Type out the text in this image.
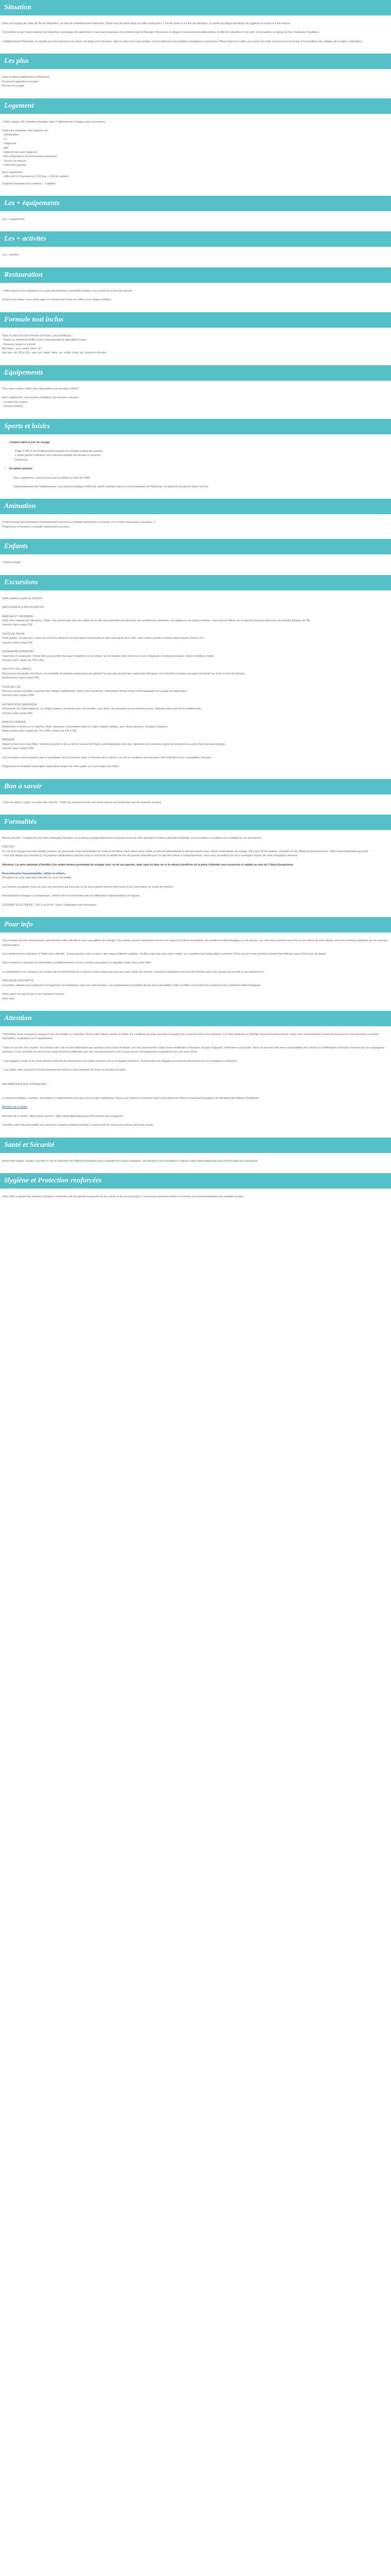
Situation

Situé sur la plage de sable de l'île de Zakynthos, au sein de l'établissement Palmeraie, l'hôtel vous accueille dans un cadre verdoyant à 7 km de Zante et à 5 km de l'aéroport. Le centre du village touristique de Laganas se trouve à 1 km environ.

À proximité, le parc marin national de Zakynthos, ses plages de sable blanc et ses eaux turquoise, et la célèbre baie de Navagio. Découvrez le village et ses tavernes traditionnelles, la ville de Zakynthos et son port, le monastère, la falaise de Keri, Kalamaki, Vassilikos.

L'établissement Palmeraie, un paradis pour les amoureux de nature, de plage et de farniente, dans un décor de carte postale. Un lieu idéal pour une ballade romantique en amoureux. Flânez dans les ruelles au coucher du soleil, découvrez la vie locale et les traditions des villages de la région, Zakynthos.

Les plus

Dans le même établissement Palmeraie

Personnel agréable et souriant

Proche de la plage

Logement

L'hôtel compte 190 chambres réparties dans 2 bâtiments de 3 étages avec ascenseurs.

Toutes les chambres sont équipées de :

- Climatisation
- TV
- Téléphone
- Wifi
- Salle de bain avec baignoire
- Mini réfrigérateur (consommations payantes)
- Service en boisson
- Coffre-fort (payant)
Avec supplément :
- coffre-fort (3 €/semaine ou 0,5€ /jour + 10€ de caution)

Capacité maximale des chambres : 3 adultes

Les + équipements

Les + équipements

Les + activités

Les + activités

Restauration

L'hôtel dispose d'un restaurant à la carte international et spécialités locales, d'un snack-bar et d'un bar piscine.

Durant votre séjour, vous serez logés en formule tout inclus (se référer à la rubrique dédiée).

Formule tout inclus

Dans le cadre de votre formule tout inclus, vous bénéficiez :

- Repas au restaurant buffet cuisine internationale et spécialités locales

- Boissons locales à volonté :

Bar repas : eau, sodas, bière, vin

Aux bars, de 10h à 23h : eau, jus, sodas, bière, vin, vodka, rhum, gin, boissons chaudes

Equipements

Pour votre confort, l'hôtel met à disposition une réception 24h/24.

Avec supplément, vous pourrez bénéficier des services suivants :

- Location de voitures

- Service médical

Sports et loisirs
• Compris dans le prix du voyage

- Plage à 250 m de l'établissement équipée de transats et parasols payants

- 1 petite piscine extérieure avec terrasse équipée de transats et parasols

- Ping-pong

• En option payante

Avec supplément, vous pourrez jouer au billard au sein de l'hôtel.

Indépendamment de l'établissement, vous pourrez pratiquer différents sports nautiques dans le centre balnéaire de Palmeraie. Un parcours de golf se trouve à 6 km.

Animation

L'hôtel propose des animations internationales réservés aux adultes ponctuelles en journée et en soirée (spectacles, karaokés...).

Programme et horaires à consulter directement sur place.

Enfants

- Bassin adapté

Excursions

Tarifs estimés à partir de 15/10/24

DÉCOUVERTE & DÉCOUVERTES

MARCHÉ ET CROISIÈRE

Visite de la capitale de Zakynthos, Zante. Une promenade dans les ruelles de la ville vous permettra de découvrir son architecture vénitienne, ses églises et ses places animées. Vous pourrez flâner sur le marché local pour découvrir les produits typiques de l'île.

Journée (sans repas) 25€

VISITE DE PALMA

Visite guidée. Un parcours à pied qui vous fera découvrir les principaux monuments et sites historiques de la ville, entre ruelles étroites et places pittoresques. Environ 3 h.

Journée (sans repas) 35€

CATAMARAN ROBINSON

Traversée en catamaran. Temps libre pour profiter des eaux cristallines ou se relaxer. En fin d'après-midi, retour sur le port. Baignade et boissons incluses. Selon conditions météo.

Journée (avec repas) de 79€ à 93€

GROTTES DEL DRACH

Découverte des grottes del Drach, un ensemble de galeries souterraines qui abritent l'un des plus grands lacs souterrains d'Europe. Un concert de musique classique est donné sur le lac à bord de barques.

Demi-journée (sans repas) 49€

TOUR DE L'ÎLE

Parcours en bus climatisé, traversée des villages traditionnels, visites d'un monastère, dégustation d'huile d'olive. Arrêt baignade sur la plage de sable blanc.

Journée (avec repas) 105€

AUTHENTIQUE MAJORQUE

Découverte de l'authentique île. Un village typique, une ferme avec ses moulins, ses olives, ses amandes et ses produits locaux. Déjeuner dans une ferme traditionnelle.

Journée (avec repas) 85€

RANCHO GRANDE

Randonnée à cheval ou en calèche. Dîner spectacle et animations dans un cadre rustique typique, avec show équestre, musique et danses.

Demi-journée (avec repas) de 72€ à 86€, enfants de 47€ à 56€

MAGIQUE

Départ en bus vers Cala Millor. Visite de la grotte et de la cité de Cuevas del Drach, puis dégustation des vins. Spectacle de la dernière partie du programme au sein d'une demeure typique.

Journée (avec repas) 114€

Les excursions sont proposées par un prestataire local et peuvent varier en fonction de la saison. Les prix et conditions sont donnés à titre indicatif et sont susceptibles d'évoluer.

Programme et modalités d'inscription disponibles auprès de votre guide ou à la réception de l'hôtel.

Bon à savoir

- Taxe de séjour à régler sur place dès l'arrivée : 3,50€ par personne et par nuit (sous réserve de modification par les autorités locales)

Formalités

Bonne nouvelle : Compte tenu de votre nationalité française, vous pouvez voyager librement en Europe munis de votre passeport (Cartes nationales d'identité, sont acceptées à condition de la validité de ces documents).

À NOTER :

En cas d'un voyage avec des enfants mineurs, en possession d'une autorisation de sortie du territoire. Vous devez vous rendre au tribunal administratif en tant que parent pour obtenir l'autorisation de voyage. Pour plus d'informations, consultez le site officiel du gouvernement : https://www.diplomatie.gouv.fr/fr/

- Pour tout départ d'un aéroport (1 ou plusieurs destinations) assurez-vous en amont de la validité de vos documents d'identité pour ne pas être refusé à l'embarquement, nous vous conseillons de vous renseigner auprès de votre compagnie aérienne.

Attention. La carte nationale d'identité d'un enfant mineur permettant de voyager avec un de ses parents, mais sans lui faire de ce le mineur bénéficier de la pièce d'identité sera conservée et valable au sein de l'Union Européenne.

Ressortissants français/adultes, bébés et enfants :

Passeport ou carte nationale d'identité en cours de validité.

Les mineurs voyageant seuls ou avec une personne qui n'est pas un de leurs parents doivent être munis d'une autorisation de sortie de territoire.

Ressortissants étrangers ou binationaux : doivent être en conformité avec les différentes réglementations en vigueur.

COURANT ÉLECTRIQUE : 220 V ou 50 Hz. Type F. Adaptateur non nécessaire.

Pour info

Tous horaires de vols communiqués sont donnés à titre indicatif et sont susceptibles de changer. Des retards peuvent également survenir en raison d'incidents techniques, de conditions météorologiques ou de grèves. Les vols retour peuvent avoir lieu le jour même de votre départ, selon les créneaux attribués par les autorités aéroportuaires.

Les transferts entre l'aéroport et l'hôtel sont collectifs : ils peuvent donc être soumis à des temps d'attente variables. Veuillez noter que pour votre confort, les chambres sont disponibles à partir de 14h le jour de votre arrivée et doivent être libérées avant 12h le jour du départ.

Vous trouverez ci-dessous les informations complémentaires, et nos conseils pour passer un agréable séjour dans votre hôtel.

La climatisation et le transport, les horaires de fonctionnement de la piscine et des restaurants peuvent varier selon les saisons. Certaines installations peuvent être fermées pour des raisons de sécurité ou de maintenance.

PRÉCISION DESCRIPTIF

Les photos utilisées pour présenter les logements et installations sont non-contractuelles. Les équipements et activités décrits sont susceptibles d'être modifiés en fonction de la saison et des conditions météorologiques.

Votre séjour est assuré par le tour opérateur suivant :

Plein Vent

Attention

* Bénéficiez d'une assurance voyage en cas de maladie ou d'accident. Avant votre départ, pensez à vérifier les conditions de votre assurance voyage et la couverture dont vous disposez. Les frais médicaux à l'étranger peuvent s'avérer élevés. Nous vous recommandons fortement de souscrire une assurance couvrant l'annulation, l'assistance et le rapatriement.

* Dans le cas des vols charters, les horaires des vols ne sont déterminés que quelques jours avant le départ. Les vols peuvent faire l'objet d'une modification d'horaires, de type d'appareil, d'itinéraire ou d'escales. Nous ne pouvons être tenus responsables des retards ou modifications d'horaires imposés par les compagnies aériennes. Il est conseillé de prévoir une marge de temps suffisante pour vos correspondances et de ne pas prévoir d'engagements importants le jour de votre retour.

* Les bagages à main et en soute doivent respecter les dimensions et le poids autorisés par la compagnie aérienne. Tout excédent de bagages sera facturé directement par la compagnie à l'aéroport.

* Les trajets entre l'aéroport et l'hôtel peuvent être soumis à des variations de durée en fonction du trafic.

INFORMATIONS AUX VOYAGEURS :

La situation politique, sanitaire, sécuritaire ou réglementaire d'un pays peut évoluer rapidement. Nous vous invitons à consulter avant votre départ les fiches conseils aux voyageurs du Ministère des Affaires Étrangères.

Ministère de la Santé

Ministère de la Santé : https://sante.gouv.fr/ - https://www.diplomatie.gouv.fr/fr/conseils-aux-voyageurs/

Travellers with reduced mobility are advised to contact us before booking to ensure that the hotel and services meet their needs.

Santé et Sécurité

Avant votre départ, veuillez consulter le site du Ministère des Affaires Étrangères pour connaître les risques sanitaires, sécuritaires et les formalités en vigueur. https://www.diplomatie.gouv.fr/fr/conseils-aux-voyageurs/

Hygiène et Protection renforcées

Votre hôtel a adopté des mesures d'hygiène renforcées afin de garantir la sécurité de ses clients et de son personnel. Ces mesures peuvent évoluer en fonction des recommandations des autorités locales.
